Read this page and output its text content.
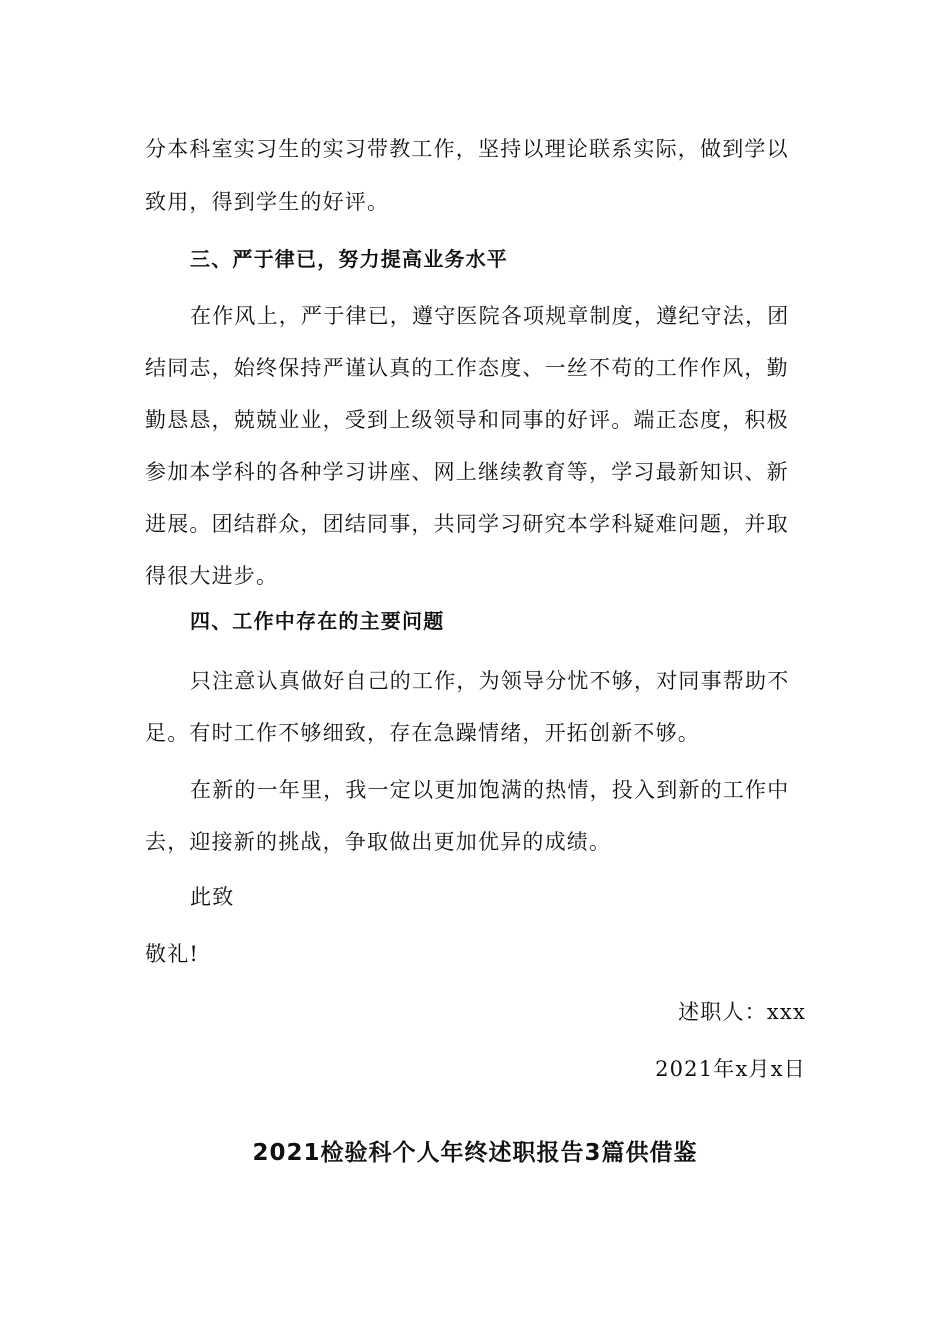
分本科室实习生的实习带教工作，坚持以理论联系实际，做到学以
致用，得到学生的好评。
三、严于律已，努力提高业务水平
在作风上，严于律已，遵守医院各项规章制度，遵纪守法，团
结同志，始终保持严谨认真的工作态度、一丝不苟的工作作风，勤
勤恳恳，兢兢业业，受到上级领导和同事的好评。端正态度，积极
参加本学科的各种学习讲座、网上继续教育等，学习最新知识、新
进展。团结群众，团结同事，共同学习研究本学科疑难问题，并取
得很大进步。
四、工作中存在的主要问题
只注意认真做好自己的工作，为领导分忧不够，对同事帮助不
足。有时工作不够细致，存在急躁情绪，开拓创新不够。
在新的一年里，我一定以更加饱满的热情，投入到新的工作中
去，迎接新的挑战，争取做出更加优异的成绩。
此致
敬礼!
述职人：xxx
2021年x月x日
2021检验科个人年终述职报告3篇供借鉴
